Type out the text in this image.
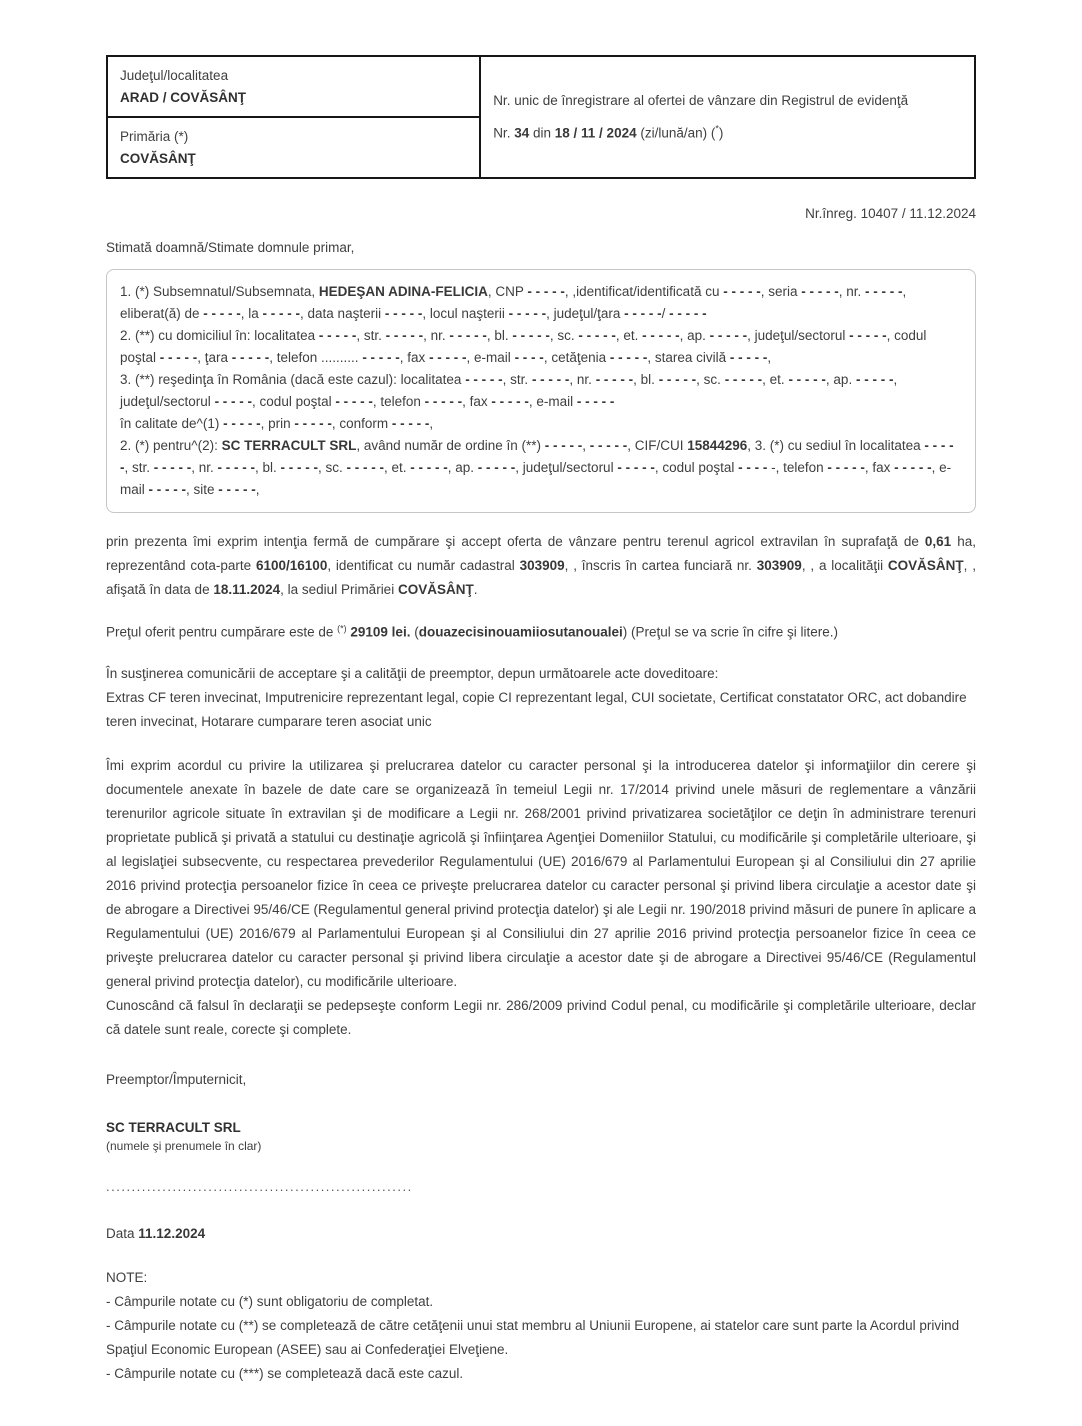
Judeţul/localitatea
ARAD / COVĂSÂNŢ	Nr. unic de înregistrare al ofertei de vânzare din Registrul de evidenţă
Nr. 34 din 18 / 11 / 2024 (zi/lună/an) (*)

Primăria (*)
COVĂSÂNŢ
Nr.înreg. 10407 / 11.12.2024
Stimată doamnă/Stimate domnule primar,

1. (*) Subsemnatul/Subsemnata, HEDEŞAN ADINA-FELICIA, CNP - - - - -, ,identificat/identificată cu - - - - -, seria - - - - -, nr. - - - - -, eliberat(ă) de - - - - -, la - - - - -, data naşterii - - - - -, locul naşterii - - - - -, judeţul/ţara - - - - -/ - - - - -

2. (**) cu domiciliul în: localitatea - - - - -, str. - - - - -, nr. - - - - -, bl. - - - - -, sc. - - - - -, et. - - - - -, ap. - - - - -, judeţul/sectorul - - - - -, codul poştal - - - - -, ţara - - - - -, telefon .......... - - - - -, fax - - - - -, e-mail - - - -, cetăţenia - - - - -, starea civilă - - - - -,

3. (**) reşedinţa în România (dacă este cazul): localitatea - - - - -, str. - - - - -, nr. - - - - -, bl. - - - - -, sc. - - - - -, et. - - - - -, ap. - - - - -, judeţul/sectorul - - - - -, codul poştal - - - - -, telefon - - - - -, fax - - - - -, e-mail - - - - -

în calitate de^(1) - - - - -, prin - - - - -, conform - - - - -,

2. (*) pentru^(2): SC TERRACULT SRL, având număr de ordine în (**) - - - - -, - - - - -, CIF/CUI 15844296, 3. (*) cu sediul în localitatea - - - - -, str. - - - - -, nr. - - - - -, bl. - - - - -, sc. - - - - -, et. - - - - -, ap. - - - - -, judeţul/sectorul - - - - -, codul poştal - - - - -, telefon - - - - -, fax - - - - -, e-mail - - - - -, site - - - - -,

prin prezenta îmi exprim intenţia fermă de cumpărare şi accept oferta de vânzare pentru terenul agricol extravilan în suprafaţă de 0,61 ha, reprezentând cota-parte 6100/16100, identificat cu număr cadastral 303909, , înscris în cartea funciară nr. 303909, , a localităţii COVĂSÂNŢ, , afişată în data de 18.11.2024, la sediul Primăriei COVĂSÂNŢ.

Preţul oferit pentru cumpărare este de (*) 29109 lei. (douazecisinouamiiosutanoualei) (Preţul se va scrie în cifre şi litere.)

În susţinerea comunicării de acceptare şi a calităţii de preemptor, depun următoarele acte doveditoare:

Extras CF teren invecinat, Imputrenicire reprezentant legal, copie CI reprezentant legal, CUI societate, Certificat constatator ORC, act dobandire teren invecinat, Hotarare cumparare teren asociat unic

Îmi exprim acordul cu privire la utilizarea şi prelucrarea datelor cu caracter personal şi la introducerea datelor şi informaţiilor din cerere şi documentele anexate în bazele de date care se organizează în temeiul Legii nr. 17/2014 privind unele măsuri de reglementare a vânzării terenurilor agricole situate în extravilan şi de modificare a Legii nr. 268/2001 privind privatizarea societăţilor ce deţin în administrare terenuri proprietate publică şi privată a statului cu destinaţie agricolă şi înfiinţarea Agenţiei Domeniilor Statului, cu modificările şi completările ulterioare, şi al legislaţiei subsecvente, cu respectarea prevederilor Regulamentului (UE) 2016/679 al Parlamentului European şi al Consiliului din 27 aprilie 2016 privind protecţia persoanelor fizice în ceea ce priveşte prelucrarea datelor cu caracter personal şi privind libera circulaţie a acestor date şi de abrogare a Directivei 95/46/CE (Regulamentul general privind protecţia datelor) şi ale Legii nr. 190/2018 privind măsuri de punere în aplicare a Regulamentului (UE) 2016/679 al Parlamentului European şi al Consiliului din 27 aprilie 2016 privind protecţia persoanelor fizice în ceea ce priveşte prelucrarea datelor cu caracter personal şi privind libera circulaţie a acestor date şi de abrogare a Directivei 95/46/CE (Regulamentul general privind protecţia datelor), cu modificările ulterioare.

Cunoscând că falsul în declaraţii se pedepseşte conform Legii nr. 286/2009 privind Codul penal, cu modificările şi completările ulterioare, declar că datele sunt reale, corecte şi complete.

Preemptor/Împuternicit,

SC TERRACULT SRL

(numele şi prenumele în clar)

............................................................

Data 11.12.2024

NOTE:

- Câmpurile notate cu (*) sunt obligatoriu de completat.

- Câmpurile notate cu (**) se completează de către cetăţenii unui stat membru al Uniunii Europene, ai statelor care sunt parte la Acordul privind Spaţiul Economic European (ASEE) sau ai Confederaţiei Elveţiene.

- Câmpurile notate cu (***) se completează dacă este cazul.
